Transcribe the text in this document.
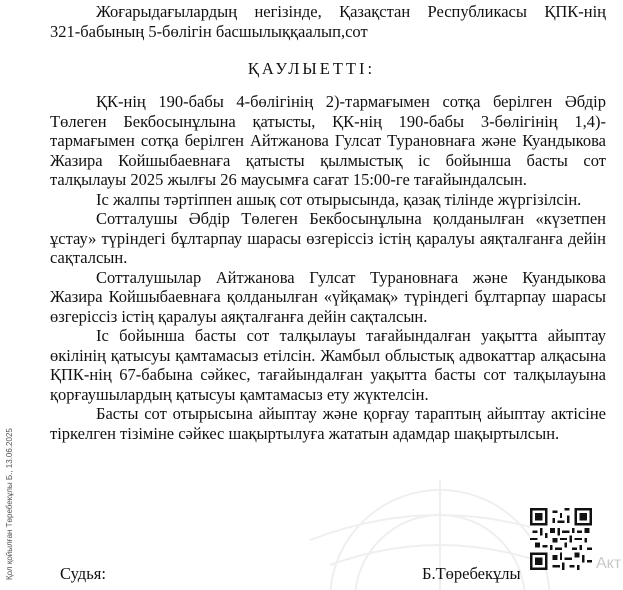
Жоғарыдағылардың негізінде, Қазақстан Республикасы ҚПК-нің

321-бабының 5-бөлігін басшылыққаалып,сот

ҚАУЛЫЕТТІ:

ҚК-нің 190-бабы 4-бөлігінің 2)-тармағымен сотқа берілген Әбдір Төлеген Бекбосынұлына қатысты, ҚК-нің 190-бабы 3-бөлігінің 1,4)-тармағымен сотқа берілген Айтжанова Гулсат Турановнаға және Куандыкова Жазира Койшыбаевнаға қатысты қылмыстық іс бойынша басты сот талқылауы 2025 жылғы 26 маусымға сағат 15:00-ге тағайындалсын.

Іс жалпы тәртіппен ашық сот отырысында, қазақ тілінде жүргізілсін.

Сотталушы Әбдір Төлеген Бекбосынұлына қолданылған «күзетпен ұстау» түріндегі бұлтарпау шарасы өзгеріссіз істің қаралуы аяқталғанға дейін сақталсын.

Сотталушылар Айтжанова Гулсат Турановнаға және Куандыкова Жазира Койшыбаевнаға қолданылған «үйқамақ» түріндегі бұлтарпау шарасы өзгеріссіз істің қаралуы аяқталғанға дейін сақталсын.

Іс бойынша басты сот талқылауы тағайындалған уақытта айыптау өкілінің қатысуы қамтамасыз етілсін. Жамбыл облыстық адвокаттар алқасына ҚПК-нің 67-бабына сәйкес, тағайындалған уақытта басты сот талқылауына қорғаушылардың қатысуы қамтамасыз ету жүктелсін.

Басты сот отырысына айыптау және қорғау тараптың айыптау актісіне тіркелген тізіміне сәйкес шақыртылуға жататын адамдар шақыртылсын.

Қол қойылған Төребекұлы Б., 13.06.2025	Акт
Судья:	Б.Төребекұлы
